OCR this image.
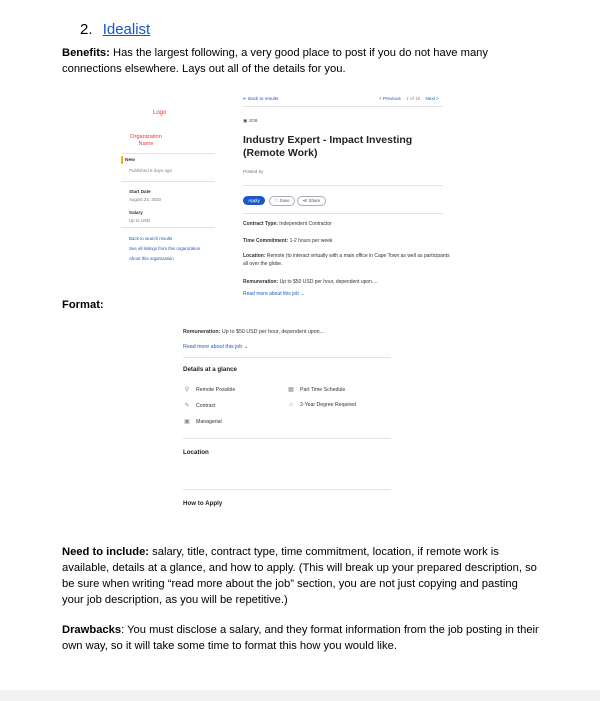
2. Idealist
Benefits: Has the largest following, a very good place to post if you do not have many connections elsewhere. Lays out all of the details for you.
Logo
Organization
Name
New
Published 6 days ago
Start Date
August 24, 2020
Salary
Up to USD
Back to search results
See all listings from this organization
About this organization
⇤ Back to results	< Previous 1 of 15 Next >
▣ JOB
Industry Expert - Impact Investing (Remote Work)
Posted by
Apply	♡ Save	≪ Share
Contract Type: Independent Contractor
Time Commitment: 1-2 hours per week
Location: Remote (to interact virtually with a main office in Cape Town as well as participants all over the globe.
Remuneration: Up to $50 USD per hour, dependent upon....
Read more about this job ⌄
Format:
Remuneration: Up to $50 USD per hour, dependent upon...
Read more about this job ⌄
Details at a glance
⚲ Remote Possible	▦ Part Time Schedule
✎ Contract	⌂ 2-Year Degree Required
▣ Managerial
Location
How to Apply
Need to include: salary, title, contract type, time commitment, location, if remote work is available, details at a glance, and how to apply. (This will break up your prepared description, so be sure when writing “read more about the job” section, you are not just copying and pasting your job description, as you will be repetitive.)
Drawbacks: You must disclose a salary, and they format information from the job posting in their own way, so it will take some time to format this how you would like.
